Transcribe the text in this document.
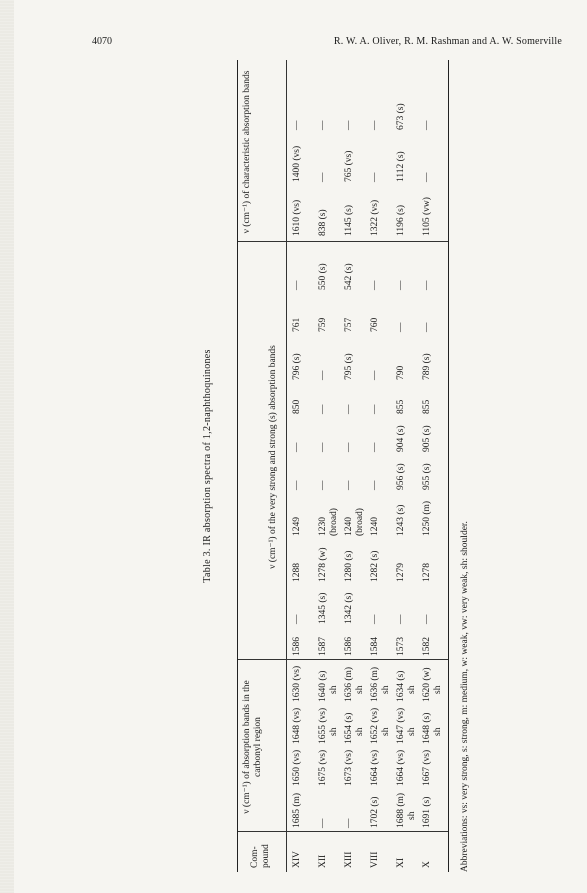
4070	R. W. A. Oliver, R. M. Rashman and A. W. Somerville
Table 3. IR absorption spectra of 1,2-naphthoquinones
Com- pound
ν (cm⁻¹) of absorption bands in the carbonyl region
ν (cm⁻¹) of the very strong and strong (s) absorption bands
ν (cm⁻¹) of characteristic absorption bands
XIV
1685 (m)
1650 (vs)
1648 (vs)
1630 (vs)
1586
—
1288
1249
—
—
850
796 (s)
761
—
1610 (vs)
1400 (vs)
—
XII
—
1675 (vs)
1655 (vs) sh
1640 (s) sh
1587
1345 (s)
1278 (w)
1230 (broad)
—
—
—
—
759
550 (s)
838 (s)
—
—
XIII
—
1673 (vs)
1654 (s) sh
1636 (m) sh
1586
1342 (s)
1280 (s)
1240 (broad)
—
—
—
795 (s)
757
542 (s)
1145 (s)
765 (vs)
—
VIII
1702 (s)
1664 (vs)
1652 (vs) sh
1636 (m) sh
1584
—
1282 (s)
1240
—
—
—
—
760
—
1322 (vs)
—
—
XI
1688 (m) sh
1664 (vs)
1647 (vs) sh
1634 (s) sh
1573
—
1279
1243 (s)
956 (s)
904 (s)
855
790
—
—
1196 (s)
1112 (s)
673 (s)
X
1691 (s)
1667 (vs)
1648 (s) sh
1620 (w) sh
1582
—
1278
1250 (m)
955 (s)
905 (s)
855
789 (s)
—
—
1105 (vw)
—
—
Abbreviations: vs: very strong, s: strong, m: medium, w: weak, vw: very weak, sh: shoulder.
